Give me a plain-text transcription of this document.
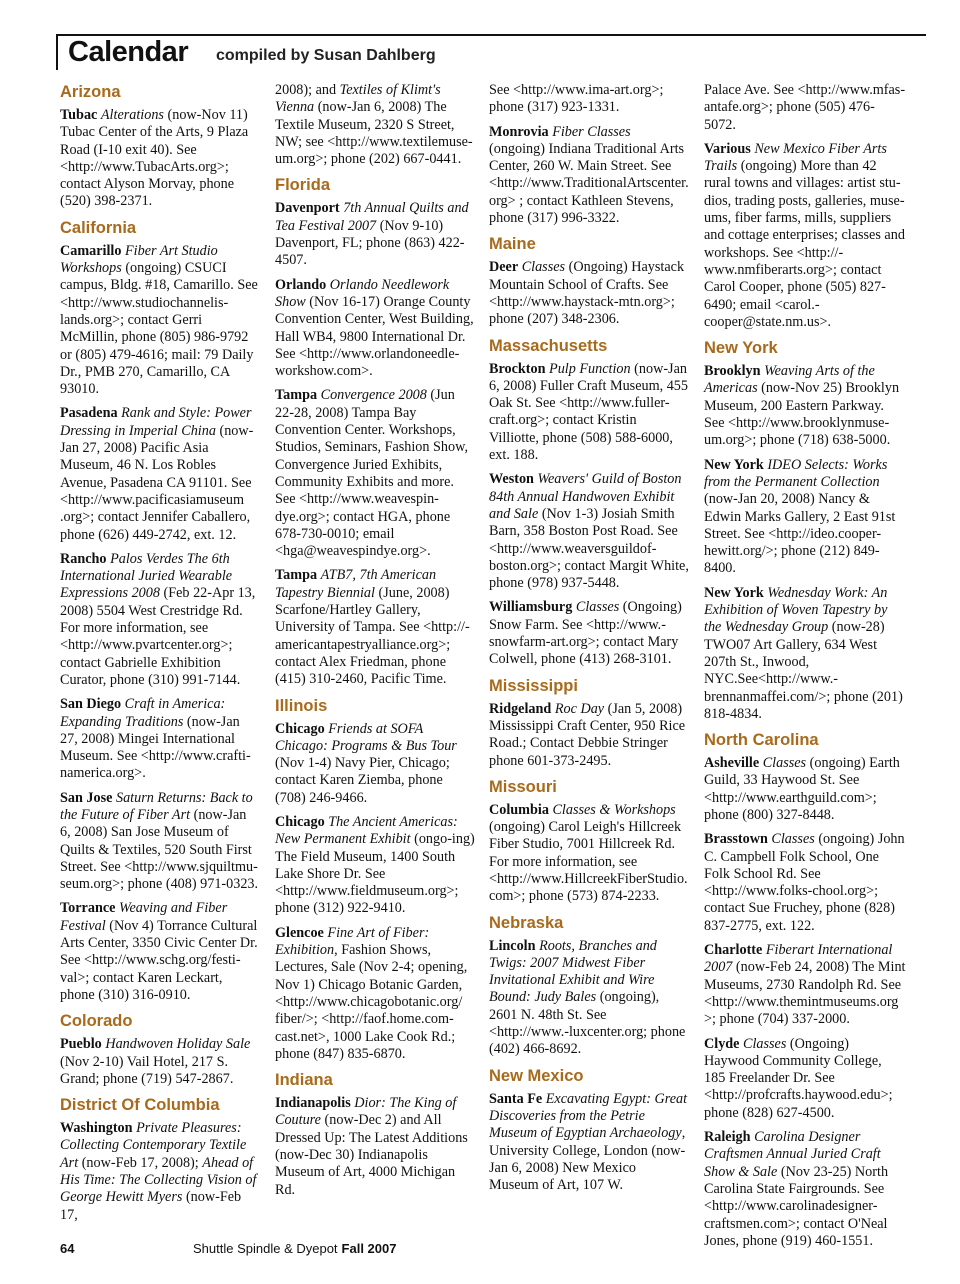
Calendar compiled by Susan Dahlberg
Arizona
Tubac Alterations (now-Nov 11) Tubac Center of the Arts, 9 Plaza Road (I-10 exit 40). See <http://www.TubacArts.org>; contact Alyson Morvay, phone (520) 398-2371.
California
Camarillo Fiber Art Studio Workshops (ongoing) CSUCI campus, Bldg. #18, Camarillo. See <http://www.studiochannelis-lands.org>; contact Gerri McMillin, phone (805) 986-9792 or (805) 479-4616; mail: 79 Daily Dr., PMB 270, Camarillo, CA 93010.
Pasadena Rank and Style: Power Dressing in Imperial China (now-Jan 27, 2008) Pacific Asia Museum, 46 N. Los Robles Avenue, Pasadena CA 91101. See <http://www.pacificasiamuseum .org>; contact Jennifer Caballero, phone (626) 449-2742, ext. 12.
Rancho Palos Verdes The 6th International Juried Wearable Expressions 2008 (Feb 22-Apr 13, 2008) 5504 West Crestridge Rd. For more information, see <http://www.pvartcenter.org>; contact Gabrielle Exhibition Curator, phone (310) 991-7144.
San Diego Craft in America: Expanding Traditions (now-Jan 27, 2008) Mingei International Museum. See <http://www.crafti-namerica.org>.
San Jose Saturn Returns: Back to the Future of Fiber Art (now-Jan 6, 2008) San Jose Museum of Quilts & Textiles, 520 South First Street. See <http://www.sjquiltmu-seum.org>; phone (408) 971-0323.
Torrance Weaving and Fiber Festival (Nov 4) Torrance Cultural Arts Center, 3350 Civic Center Dr. See <http://www.schg.org/festi-val>; contact Karen Leckart, phone (310) 316-0910.
Colorado
Pueblo Handwoven Holiday Sale (Nov 2-10) Vail Hotel, 217 S. Grand; phone (719) 547-2867.
District Of Columbia
Washington Private Pleasures: Collecting Contemporary Textile Art (now-Feb 17, 2008); Ahead of His Time: The Collecting Vision of George Hewitt Myers (now-Feb 17,
2008); and Textiles of Klimt's Vienna (now-Jan 6, 2008) The Textile Museum, 2320 S Street, NW; see <http://www.textilemuse-um.org>; phone (202) 667-0441.
Florida
Davenport 7th Annual Quilts and Tea Festival 2007 (Nov 9-10) Davenport, FL; phone (863) 422-4507.
Orlando Orlando Needlework Show (Nov 16-17) Orange County Convention Center, West Building, Hall WB4, 9800 International Dr. See <http://www.orlandoneedle-workshow.com>.
Tampa Convergence 2008 (Jun 22-28, 2008) Tampa Bay Convention Center. Workshops, Studios, Seminars, Fashion Show, Convergence Juried Exhibits, Community Exhibits and more. See <http://www.weavespin-dye.org>; contact HGA, phone 678-730-0010; email <hga@weavespindye.org>.
Tampa ATB7, 7th American Tapestry Biennial (June, 2008) Scarfone/Hartley Gallery, University of Tampa. See <http://-americantapestryalliance.org>; contact Alex Friedman, phone (415) 310-2460, Pacific Time.
Illinois
Chicago Friends at SOFA Chicago: Programs & Bus Tour (Nov 1-4) Navy Pier, Chicago; contact Karen Ziemba, phone (708) 246-9466.
Chicago The Ancient Americas: New Permanent Exhibit (ongo-ing) The Field Museum, 1400 South Lake Shore Dr. See <http://www.fieldmuseum.org>; phone (312) 922-9410.
Glencoe Fine Art of Fiber: Exhibition, Fashion Shows, Lectures, Sale (Nov 2-4; opening, Nov 1) Chicago Botanic Garden, <http://www.chicagobotanic.org/ fiber/>; <http://faof.home.com-cast.net>, 1000 Lake Cook Rd.; phone (847) 835-6870.
Indiana
Indianapolis Dior: The King of Couture (now-Dec 2) and All Dressed Up: The Latest Additions (now-Dec 30) Indianapolis Museum of Art, 4000 Michigan Rd.
See <http://www.ima-art.org>; phone (317) 923-1331.
Monrovia Fiber Classes (ongoing) Indiana Traditional Arts Center, 260 W. Main Street. See <http://www.TraditionalArtscenter. org> ; contact Kathleen Stevens, phone (317) 996-3322.
Maine
Deer Classes (Ongoing) Haystack Mountain School of Crafts. See <http://www.haystack-mtn.org>; phone (207) 348-2306.
Massachusetts
Brockton Pulp Function (now-Jan 6, 2008) Fuller Craft Museum, 455 Oak St. See <http://www.fuller-craft.org>; contact Kristin Villiotte, phone (508) 588-6000, ext. 188.
Weston Weavers' Guild of Boston 84th Annual Handwoven Exhibit and Sale (Nov 1-3) Josiah Smith Barn, 358 Boston Post Road. See <http://www.weaversguildof-boston.org>; contact Margit White, phone (978) 937-5448.
Williamsburg Classes (Ongoing) Snow Farm. See <http://www.-snowfarm-art.org>; contact Mary Colwell, phone (413) 268-3101.
Mississippi
Ridgeland Roc Day (Jan 5, 2008) Mississippi Craft Center, 950 Rice Road.; Contact Debbie Stringer phone 601-373-2495.
Missouri
Columbia Classes & Workshops (ongoing) Carol Leigh's Hillcreek Fiber Studio, 7001 Hillcreek Rd. For more information, see <http://www.HillcreekFiberStudio. com>; phone (573) 874-2233.
Nebraska
Lincoln Roots, Branches and Twigs: 2007 Midwest Fiber Invitational Exhibit and Wire Bound: Judy Bales (ongoing), 2601 N. 48th St. See <http://www.-luxcenter.org; phone (402) 466-8692.
New Mexico
Santa Fe Excavating Egypt: Great Discoveries from the Petrie Museum of Egyptian Archaeology, University College, London (now-Jan 6, 2008) New Mexico Museum of Art, 107 W.
Palace Ave. See <http://www.mfas-antafe.org>; phone (505) 476-5072.
Various New Mexico Fiber Arts Trails (ongoing) More than 42 rural towns and villages: artist stu-dios, trading posts, galleries, muse-ums, fiber farms, mills, suppliers and cottage enterprises; classes and workshops. See <http://-www.nmfiberarts.org>; contact Carol Cooper, phone (505) 827-6490; email <carol.-cooper@state.nm.us>.
New York
Brooklyn Weaving Arts of the Americas (now-Nov 25) Brooklyn Museum, 200 Eastern Parkway. See <http://www.brooklynmuse-um.org>; phone (718) 638-5000.
New York IDEO Selects: Works from the Permanent Collection (now-Jan 20, 2008) Nancy & Edwin Marks Gallery, 2 East 91st Street. See <http://ideo.cooper-hewitt.org/>; phone (212) 849-8400.
New York Wednesday Work: An Exhibition of Woven Tapestry by the Wednesday Group (now-28) TWO07 Art Gallery, 634 West 207th St., Inwood, NYC.See<http://www.-brennanmaffei.com/>; phone (201) 818-4834.
North Carolina
Asheville Classes (ongoing) Earth Guild, 33 Haywood St. See <http://www.earthguild.com>; phone (800) 327-8448.
Brasstown Classes (ongoing) John C. Campbell Folk School, One Folk School Rd. See <http://www.folks-chool.org>; contact Sue Fruchey, phone (828) 837-2775, ext. 122.
Charlotte Fiberart International 2007 (now-Feb 24, 2008) The Mint Museums, 2730 Randolph Rd. See <http://www.themintmuseums.org >; phone (704) 337-2000.
Clyde Classes (Ongoing) Haywood Community College, 185 Freelander Dr. See <http://profcrafts.haywood.edu>; phone (828) 627-4500.
Raleigh Carolina Designer Craftsmen Annual Juried Craft Show & Sale (Nov 23-25) North Carolina State Fairgrounds. See <http://www.carolinadesigner-craftsmen.com>; contact O'Neal Jones, phone (919) 460-1551.
64	Shuttle Spindle & Dyepot Fall 2007
